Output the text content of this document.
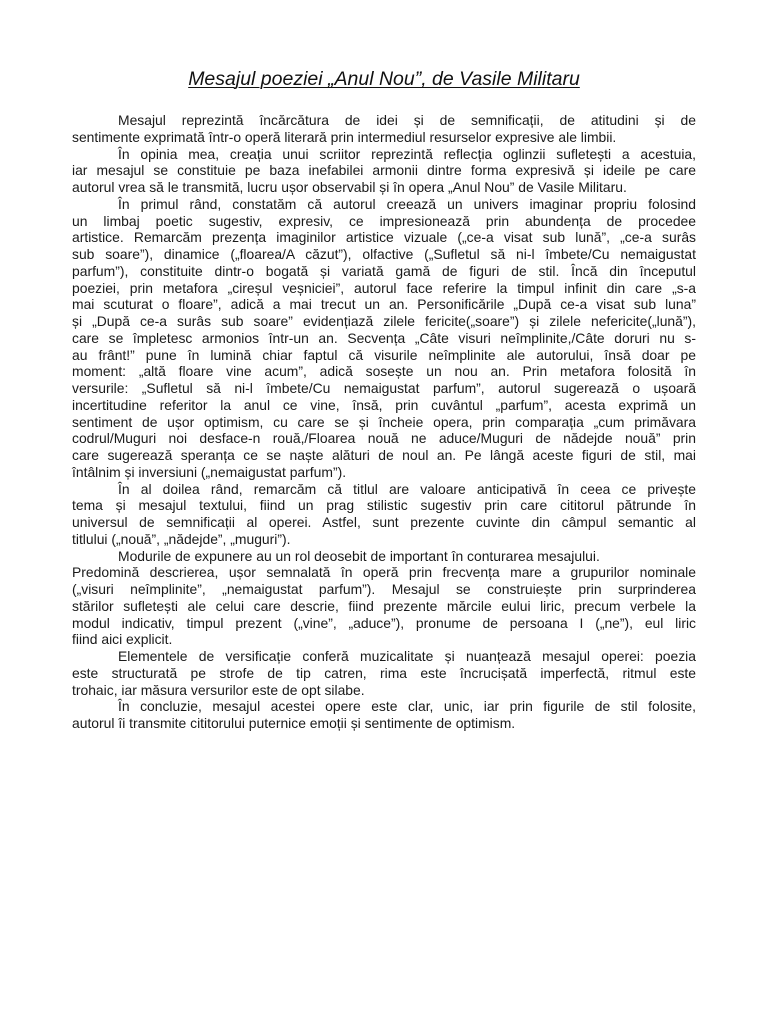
Mesajul poeziei „Anul Nou”, de Vasile Militaru
Mesajul reprezintă încărcătura de idei și de semnificații, de atitudini și de
sentimente exprimată într-o operă literară prin intermediul resurselor expresive ale limbii.
În opinia mea, creația unui scriitor reprezintă reflecția oglinzii sufletești a acestuia,
iar mesajul se constituie pe baza inefabilei armonii dintre forma expresivă și ideile pe care
autorul vrea să le transmită, lucru ușor observabil și în opera „Anul Nou” de Vasile Militaru.
În primul rând, constatăm că autorul creează un univers imaginar propriu folosind
un limbaj poetic sugestiv, expresiv, ce impresionează prin abundența de procedee
artistice. Remarcăm prezența imaginilor artistice vizuale („ce-a visat sub lună”, „ce-a surâs
sub soare”), dinamice („floarea/A căzut”), olfactive („Sufletul să ni-l îmbete/Cu nemaigustat
parfum”), constituite dintr-o bogată și variată gamă de figuri de stil. Încă din începutul
poeziei, prin metafora „cireșul veșniciei”, autorul face referire la timpul infinit din care „s-a
mai scuturat o floare”, adică a mai trecut un an. Personificările „După ce-a visat sub luna”
și „După ce-a surâs sub soare” evidențiază zilele fericite(„soare”) și zilele nefericite(„lună”),
care se împletesc armonios într-un an. Secvența „Câte visuri neîmplinite,/Câte doruri nu s-
au frânt!” pune în lumină chiar faptul că visurile neîmplinite ale autorului, însă doar pe
moment: „altă floare vine acum”, adică sosește un nou an. Prin metafora folosită în
versurile: „Sufletul să ni-l îmbete/Cu nemaigustat parfum”, autorul sugerează o ușoară
incertitudine referitor la anul ce vine, însă, prin cuvântul „parfum”, acesta exprimă un
sentiment de ușor optimism, cu care se și încheie opera, prin comparația „cum primăvara
codrul/Muguri noi desface-n rouă,/Floarea nouă ne aduce/Muguri de nădejde nouă” prin
care sugerează speranța ce se naște alături de noul an. Pe lângă aceste figuri de stil, mai
întâlnim și inversiuni („nemaigustat parfum”).
În al doilea rând, remarcăm că titlul are valoare anticipativă în ceea ce privește
tema și mesajul textului, fiind un prag stilistic sugestiv prin care cititorul pătrunde în
universul de semnificații al operei. Astfel, sunt prezente cuvinte din câmpul semantic al
titlului („nouă”, „nădejde”, „muguri”).
Modurile de expunere au un rol deosebit de important în conturarea mesajului.
Predomină descrierea, ușor semnalată în operă prin frecvența mare a grupurilor nominale
(„visuri neîmplinite”, „nemaigustat parfum”). Mesajul se construiește prin surprinderea
stărilor sufletești ale celui care descrie, fiind prezente mărcile eului liric, precum verbele la
modul indicativ, timpul prezent („vine”, „aduce”), pronume de persoana I („ne”), eul liric
fiind aici explicit.
Elementele de versificație conferă muzicalitate și nuanțează mesajul operei: poezia
este structurată pe strofe de tip catren, rima este încrucișată imperfectă, ritmul este
trohaic, iar măsura versurilor este de opt silabe.
În concluzie, mesajul acestei opere este clar, unic, iar prin figurile de stil folosite,
autorul îi transmite cititorului puternice emoții și sentimente de optimism.
